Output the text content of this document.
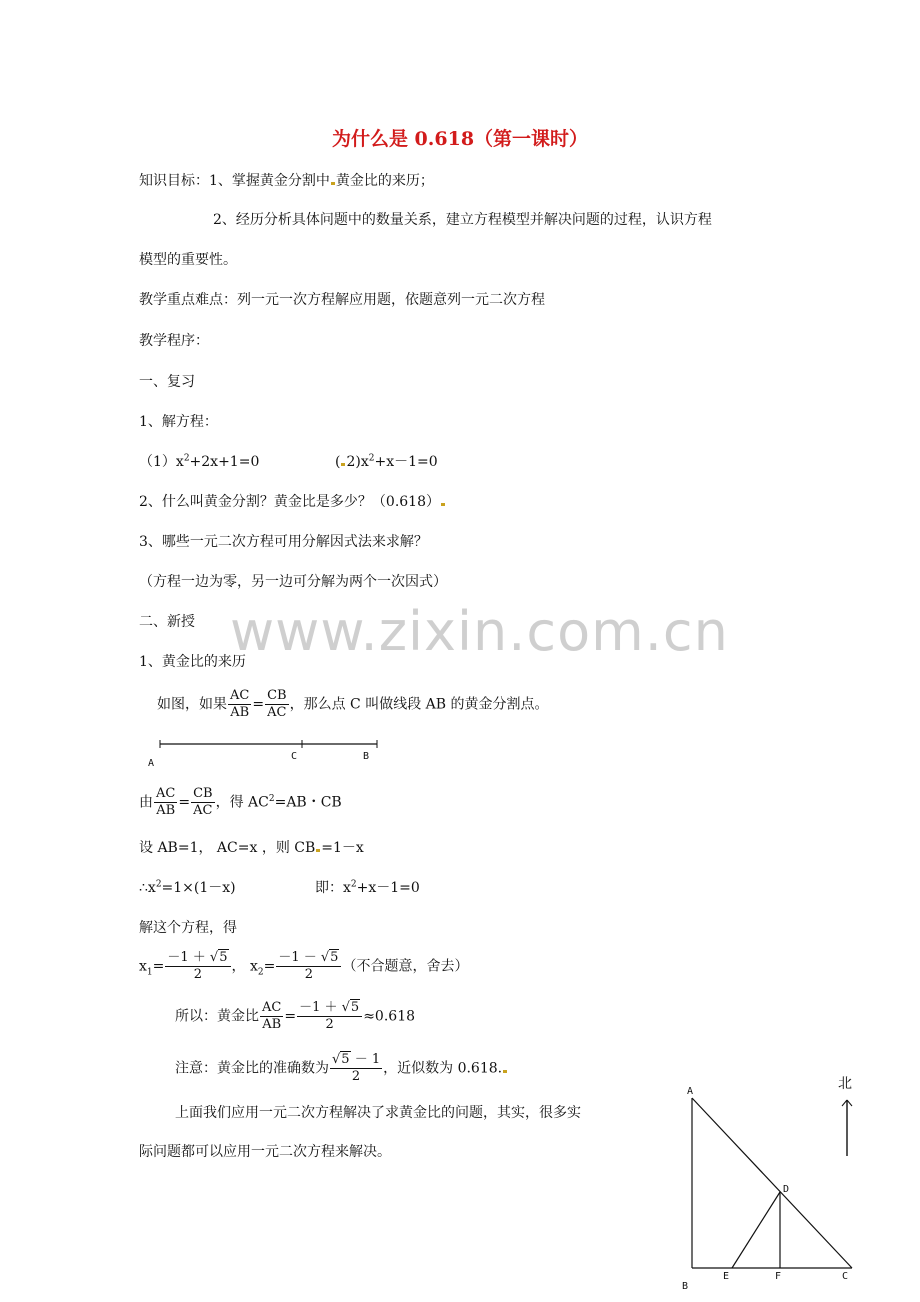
为什么是 0.618（第一课时）
www.zixin.com.cn
知识目标：1、掌握黄金分割中 黄金比的来历；
2、经历分析具体问题中的数量关系，建立方程模型并解决问题的过程，认识方程
模型的重要性。
教学重点难点：列一元一次方程解应用题，依题意列一元二次方程
教学程序：
一、复习
1、解方程：
$(1)x^2+2x+1=0$	( $2)x^2+x-1=0$
2、什么叫黄金分割？黄金比是多少？（0.618）
3、哪些一元二次方程可用分解因式法来求解？
（方程一边为零，另一边可分解为两个一次因式）
二、新授
1、黄金比的来历
如图，如果 $\frac{AC}{AB} = \frac{CB}{AC}$ ，那么点 C 叫做线段 AB 的黄金分割点。
A
C	B
由 $\frac{AC}{AB} = \frac{CB}{AC}$ ，得 $AC^2=AB$・CB
设 AB=1， AC=x ，则 CB =1－x
$\therefore x^2=1\times(1-x)$	即：$x^2+x-1=0$
解这个方程，得
$x_1= \frac{-1 + √5}{2}$ ， $x_2= \frac{-1 - √5}{2}$ （不合题意，舍去）
所以：黄金比 $\frac{AC}{AB} = \frac{-1 + √5}{2} \approx 0.618$
注意：黄金比的准确数为 $\frac{√5 - 1}{2}$ ，近似数为 0.618.
上面我们应用一元二次方程解决了求黄金比的问题，其实，很多实
际问题都可以应用一元二次方程来解决。
北
A
D
B
E	F	C
